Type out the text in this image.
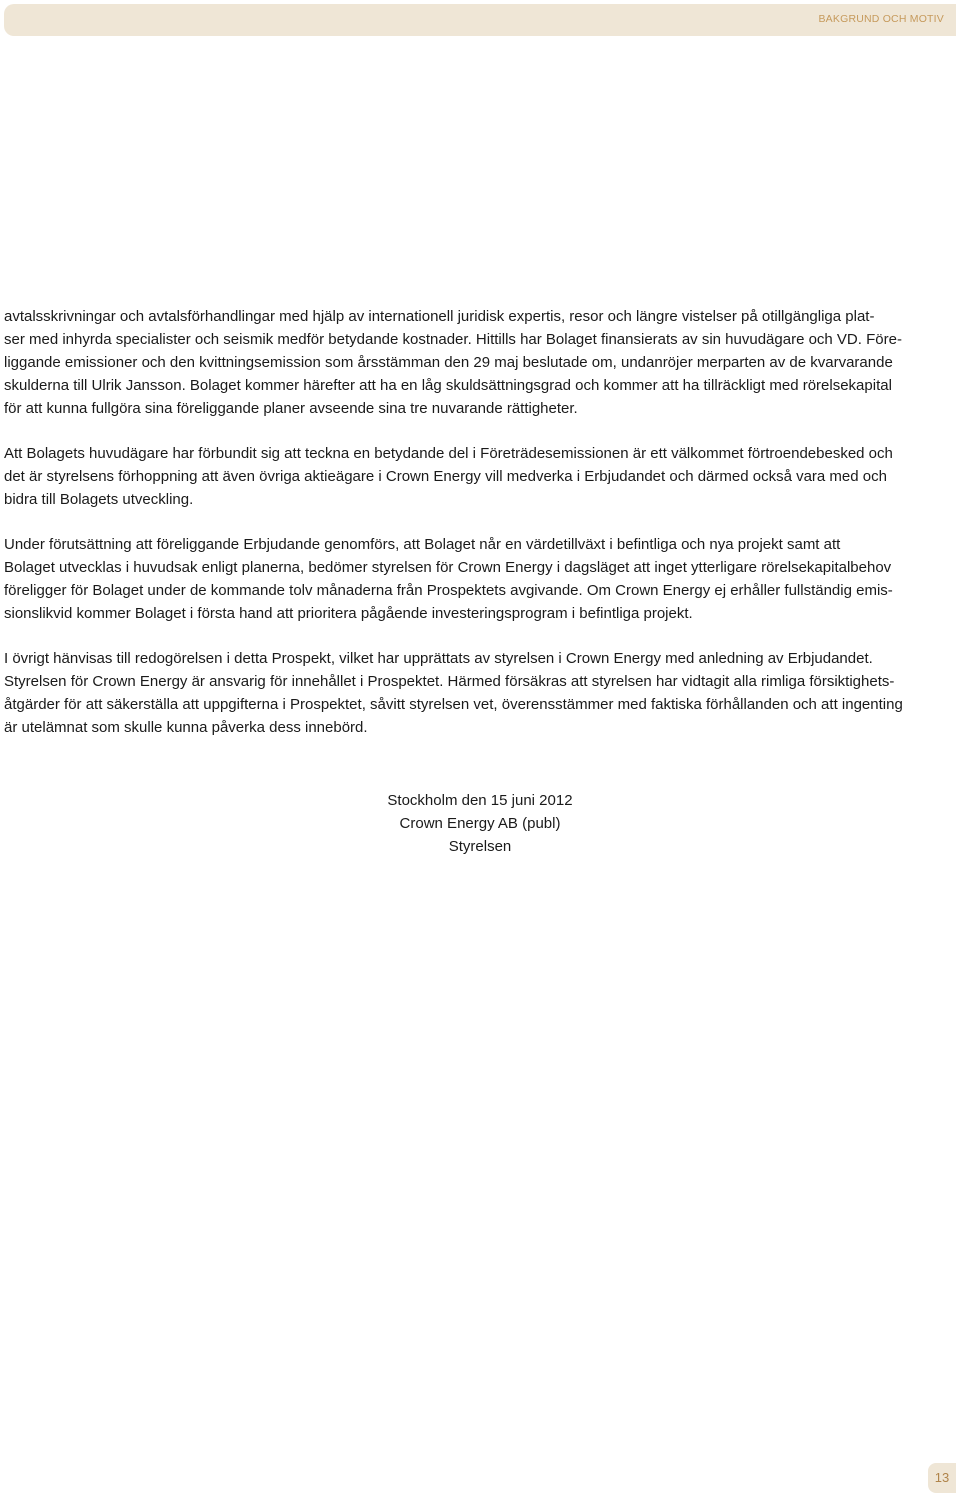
BAKGRUND OCH MOTIV

avtalsskrivningar och avtalsförhandlingar med hjälp av internationell juridisk expertis, resor och längre vistelser på otillgängliga plat-
ser med inhyrda specialister och seismik medför betydande kostnader. Hittills har Bolaget finansierats av sin huvudägare och VD. Före-
liggande emissioner och den kvittningsemission som årsstämman den 29 maj beslutade om, undanröjer merparten av de kvarvarande
skulderna till Ulrik Jansson. Bolaget kommer härefter att ha en låg skuldsättningsgrad och kommer att ha tillräckligt med rörelsekapital
för att kunna fullgöra sina föreliggande planer avseende sina tre nuvarande rättigheter.

Att Bolagets huvudägare har förbundit sig att teckna en betydande del i Företrädesemissionen är ett välkommet förtroendebesked och
det är styrelsens förhoppning att även övriga aktieägare i Crown Energy vill medverka i Erbjudandet och därmed också vara med och
bidra till Bolagets utveckling.

Under förutsättning att föreliggande Erbjudande genomförs, att Bolaget når en värdetillväxt i befintliga och nya projekt samt att
Bolaget utvecklas i huvudsak enligt planerna, bedömer styrelsen för Crown Energy i dagsläget att inget ytterligare rörelsekapitalbehov
föreligger för Bolaget under de kommande tolv månaderna från Prospektets avgivande. Om Crown Energy ej erhåller fullständig emis-
sionslikvid kommer Bolaget i första hand att prioritera pågående investeringsprogram i befintliga projekt.

I övrigt hänvisas till redogörelsen i detta Prospekt, vilket har upprättats av styrelsen i Crown Energy med anledning av Erbjudandet.
Styrelsen för Crown Energy är ansvarig för innehållet i Prospektet. Härmed försäkras att styrelsen har vidtagit alla rimliga försiktighets-
åtgärder för att säkerställa att uppgifterna i Prospektet, såvitt styrelsen vet, överensstämmer med faktiska förhållanden och att ingenting
är utelämnat som skulle kunna påverka dess innebörd.

Stockholm den 15 juni 2012
Crown Energy AB (publ)
Styrelsen
13
